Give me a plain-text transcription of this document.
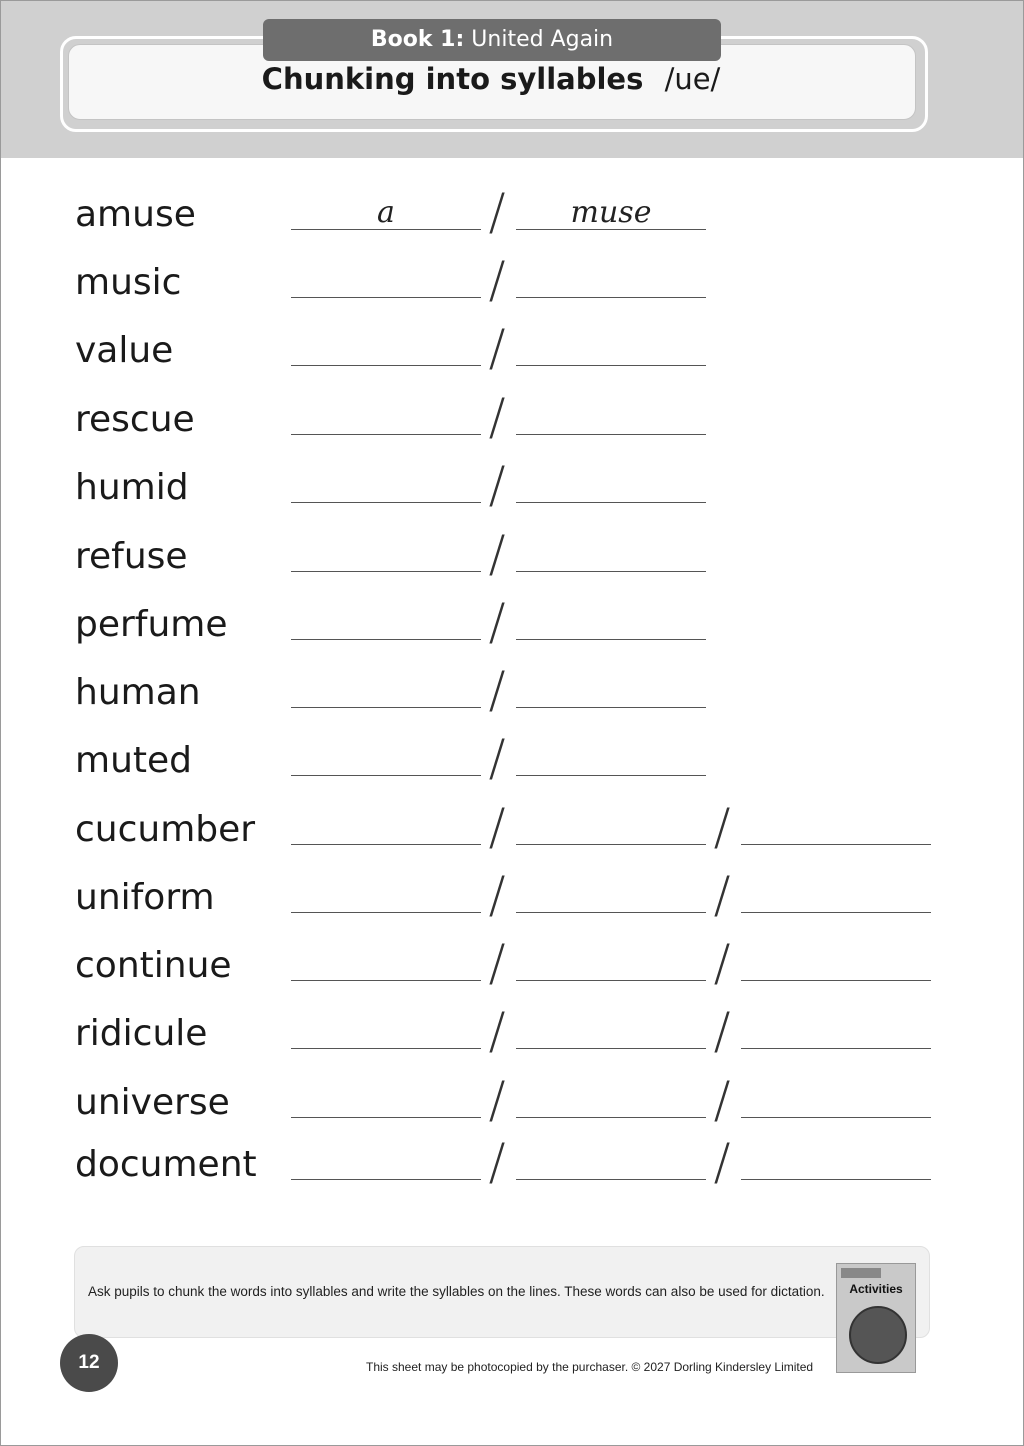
Book 1: United Again
Chunking into syllables /ue/
amuse	a	/	muse
music	/
value	/
rescue	/
humid	/
refuse	/
perfume	/
human	/
muted	/
cucumber	/	/
uniform	/	/
continue	/	/
ridicule	/	/
universe	/	/
document	/	/
Ask pupils to chunk the words into syllables and write the syllables on the lines. These words can also be used for dictation.	Activities
12	This sheet may be photocopied by the purchaser. © 2027 Dorling Kindersley Limited
